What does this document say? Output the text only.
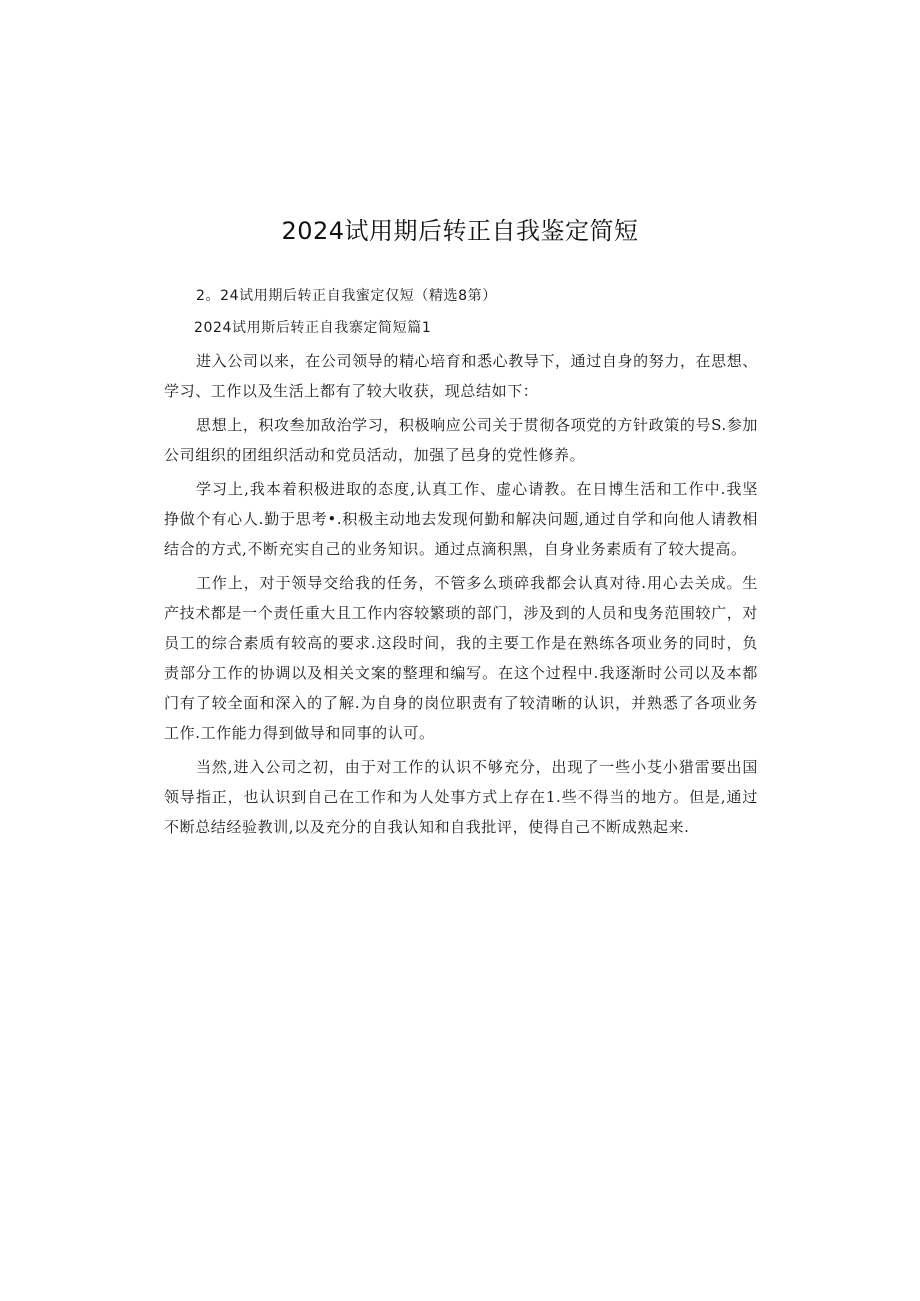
2024试用期后转正自我鉴定简短

2。24试用期后转正自我蜜定仅短（精选8第）

2024试用斯后转正自我寨定简短篇1

进入公司以来，在公司领导的精心培育和悉心教导下，通过自身的努力，在思想、学习、工作以及生活上都有了较大收获，现总结如下：

思想上，积攻叁加敌治学习，积极响应公司关于贯彻各项党的方针政策的号S.参加公司组织的团组织活动和党员活动，加强了邑身的党性修养。

学习上,我本着积极进取的态度,认真工作、虚心请教。在日博生活和工作中.我坚挣做个有心人.勤于思考•.积极主动地去发现何勤和解决问题,通过自学和向他人请教相结合的方式,不断充实自己的业务知识。通过点滴积黑，自身业务素质有了较大提高。

工作上，对于领导交给我的任务，不管多么琐碎我都会认真对待.用心去关成。生产技术都是一个责任重大且工作内容较繁琐的部门，涉及到的人员和曳务范围较广，对员工的综合素质有较高的要求.这段时间，我的主要工作是在熟练各项业务的同时，负责部分工作的协调以及相关文案的整理和编写。在这个过程中.我逐渐时公司以及本都门有了较全面和深入的了解.为自身的岗位职责有了较清晰的认识，并熟悉了各项业务工作.工作能力得到做导和同事的认可。

当然,进入公司之初，由于对工作的认识不够充分，出现了一些小芟小猎雷要出国领导指正，也认识到自己在工作和为人处事方式上存在1.些不得当的地方。但是,通过不断总结经验教训,以及充分的自我认知和自我批评，使得自己不断成熟起来.
